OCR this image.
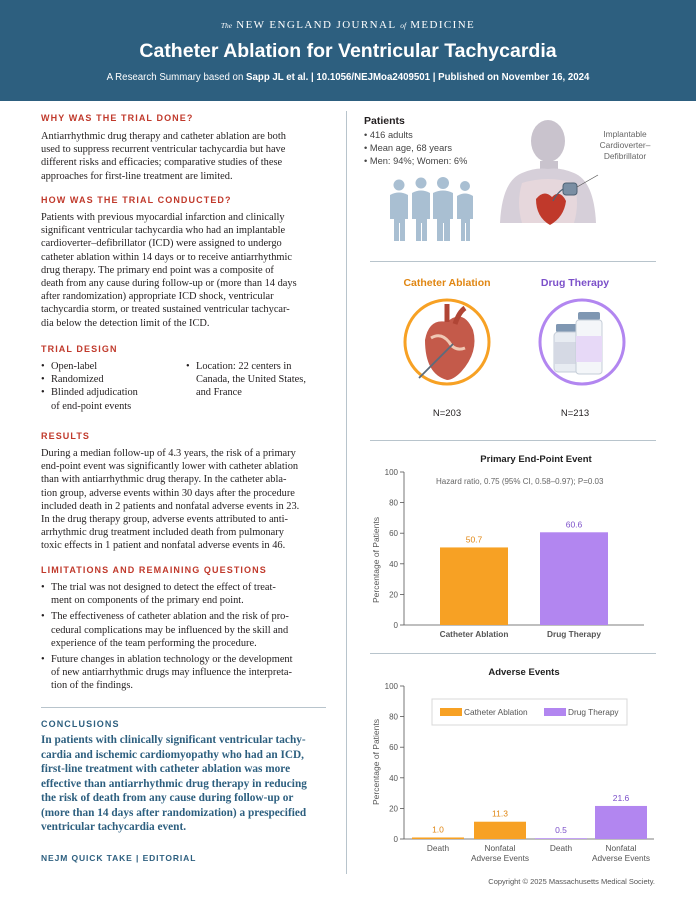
The NEW ENGLAND JOURNAL of MEDICINE
Catheter Ablation for Ventricular Tachycardia
A Research Summary based on Sapp JL et al. | 10.1056/NEJMoa2409501 | Published on November 16, 2024
WHY WAS THE TRIAL DONE?
Antiarrhythmic drug therapy and catheter ablation are both
used to suppress recurrent ventricular tachycardia but have
different risks and efficacies; comparative studies of these
approaches for first-line treatment are limited.
HOW WAS THE TRIAL CONDUCTED?
Patients with previous myocardial infarction and clinically
significant ventricular tachycardia who had an implantable
cardioverter–defibrillator (ICD) were assigned to undergo
catheter ablation within 14 days or to receive antiarrhythmic
drug therapy. The primary end point was a composite of
death from any cause during follow-up or (more than 14 days
after randomization) appropriate ICD shock, ventricular
tachycardia storm, or treated sustained ventricular tachycar-
dia below the detection limit of the ICD.
TRIAL DESIGN
• Open-label
• Randomized
• Blinded adjudication
of end-point events
• Location: 22 centers in
Canada, the United States,
and France
RESULTS
During a median follow-up of 4.3 years, the risk of a primary
end-point event was significantly lower with catheter ablation
than with antiarrhythmic drug therapy. In the catheter abla-
tion group, adverse events within 30 days after the procedure
included death in 2 patients and nonfatal adverse events in 23.
In the drug therapy group, adverse events attributed to anti-
arrhythmic drug treatment included death from pulmonary
toxic effects in 1 patient and nonfatal adverse events in 46.
LIMITATIONS AND REMAINING QUESTIONS
• The trial was not designed to detect the effect of treat-
ment on components of the primary end point.
• The effectiveness of catheter ablation and the risk of pro-
cedural complications may be influenced by the skill and
experience of the team performing the procedure.
• Future changes in ablation technology or the development
of new antiarrhythmic drugs may influence the interpreta-
tion of the findings.
CONCLUSIONS
In patients with clinically significant ventricular tachy-
cardia and ischemic cardiomyopathy who had an ICD,
first-line treatment with catheter ablation was more
effective than antiarrhythmic drug therapy in reducing
the risk of death from any cause during follow-up or
(more than 14 days after randomization) a prespecified
ventricular tachycardia event.
NEJM QUICK TAKE | EDITORIAL
Patients
• 416 adults
• Mean age, 68 years
• Men: 94%; Women: 6%
Implantable
Cardioverter–
Defibrillator
Catheter Ablation	Drug Therapy
N=203	N=213
Primary End-Point Event
Hazard ratio, 0.75 (95% CI, 0.58–0.97); P=0.03
Percentage of Patients
0
20
40
60
80
100
50.7
Catheter Ablation
60.6
Drug Therapy
Adverse Events
Percentage of Patients
Catheter Ablation	Drug Therapy
0
20
40
60
80
100
1.0
Death
11.3
Nonfatal
Adverse Events
0.5
Death
21.6
Nonfatal
Adverse Events
Copyright © 2025 Massachusetts Medical Society.
